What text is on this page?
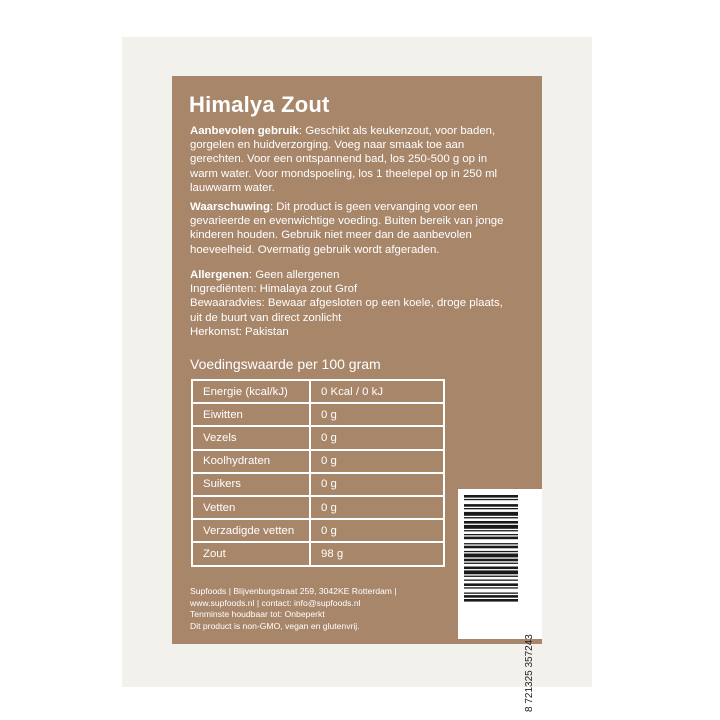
Himalya Zout
Aanbevolen gebruik: Geschikt als keukenzout, voor baden,
gorgelen en huidverzorging. Voeg naar smaak toe aan
gerechten. Voor een ontspannend bad, los 250-500 g op in
warm water. Voor mondspoeling, los 1 theelepel op in 250 ml
lauwwarm water.
Waarschuwing: Dit product is geen vervanging voor een
gevarieerde en evenwichtige voeding. Buiten bereik van jonge
kinderen houden. Gebruik niet meer dan de aanbevolen
hoeveelheid. Overmatig gebruik wordt afgeraden.
Allergenen: Geen allergenen
Ingrediënten: Himalaya zout Grof
Bewaaradvies: Bewaar afgesloten op een koele, droge plaats,
uit de buurt van direct zonlicht
Herkomst: Pakistan
Voedingswaarde per 100 gram
Energie (kcal/kJ)	0 Kcal / 0 kJ
Eiwitten	0 g
Vezels	0 g
Koolhydraten	0 g
Suikers	0 g
Vetten	0 g
Verzadigde vetten	0 g
Zout	98 g
Supfoods | Blijvenburgstraat 259, 3042KE Rotterdam |
www.supfoods.nl | contact: info@supfoods.nl
Tenminste houdbaar tot: Onbeperkt
Dit product is non-GMO, vegan en glutenvrij.
8 721325 357243
